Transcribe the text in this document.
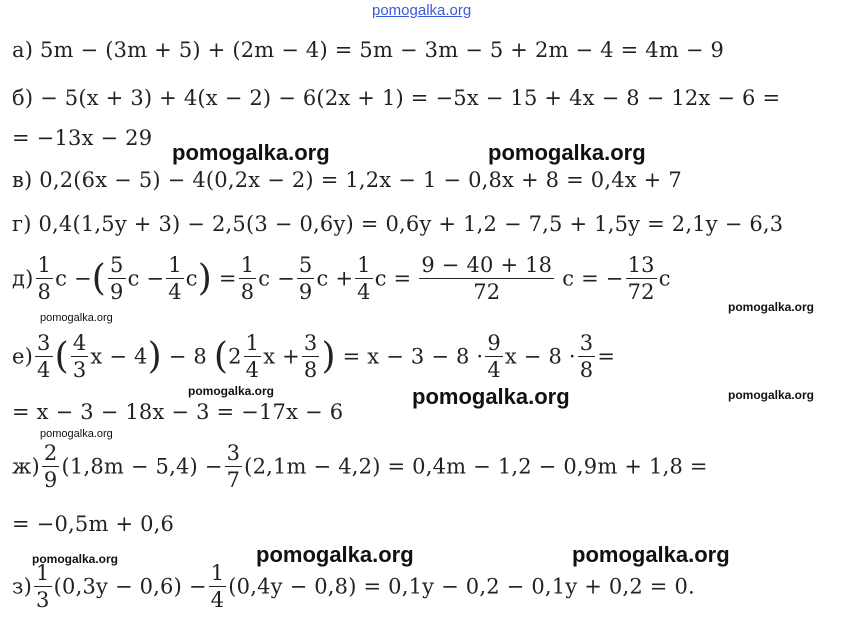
pomogalka.org
а) 5m − (3m + 5) + (2m − 4) = 5m − 3m − 5 + 2m − 4 = 4m − 9
б) − 5(x + 3) + 4(x − 2) − 6(2x + 1) = −5x − 15 + 4x − 8 − 12x − 6 =
= −13x − 29
pomogalka.org	pomogalka.org
в) 0,2(6x − 5) − 4(0,2x − 2) = 1,2x − 1 − 0,8x + 8 = 0,4x + 7
г) 0,4(1,5y + 3) − 2,5(3 − 0,6y) = 0,6y + 1,2 − 7,5 + 1,5y = 2,1y − 6,3
$д) \frac{1}{8}$ c −( $\frac{5}{9}$ $c - \frac{1}{4} c) = \frac{1}{8}$ $c - \frac{5}{9}$ $c + \frac{1}{4}$ $c = \frac{9 - 40 + 18}{72}$ c = − $\frac{13}{72}$ c
pomogalka.org
pomogalka.org
$е) \frac{3}{4}$ ( $\frac{4}{3}$ x − 4) − 8 ($2 \frac{1}{4}$ $x + \frac{3}{8}$ ) = $x - 3 - 8 \cdot \frac{9}{4}$ $x - 8 \cdot \frac{3}{8}$ =
pomogalka.org	pomogalka.org	pomogalka.org
= x − 3 − 18x − 3 = −17x − 6
pomogalka.org
$ж) \frac{2}{9} (1,8m - 5,4) - \frac{3}{7} (2,1m - 4,2) = 0,4m - 1,2 - 0,9m + 1,8$ =
= −0,5m + 0,6
pomogalka.org	pomogalka.org	pomogalka.org
$з) \frac{1}{3} (0,3y - 0,6) - \frac{1}{4} (0,4y - 0,8) = 0,1y - 0,2 - 0,1y + 0,2 = 0$.
